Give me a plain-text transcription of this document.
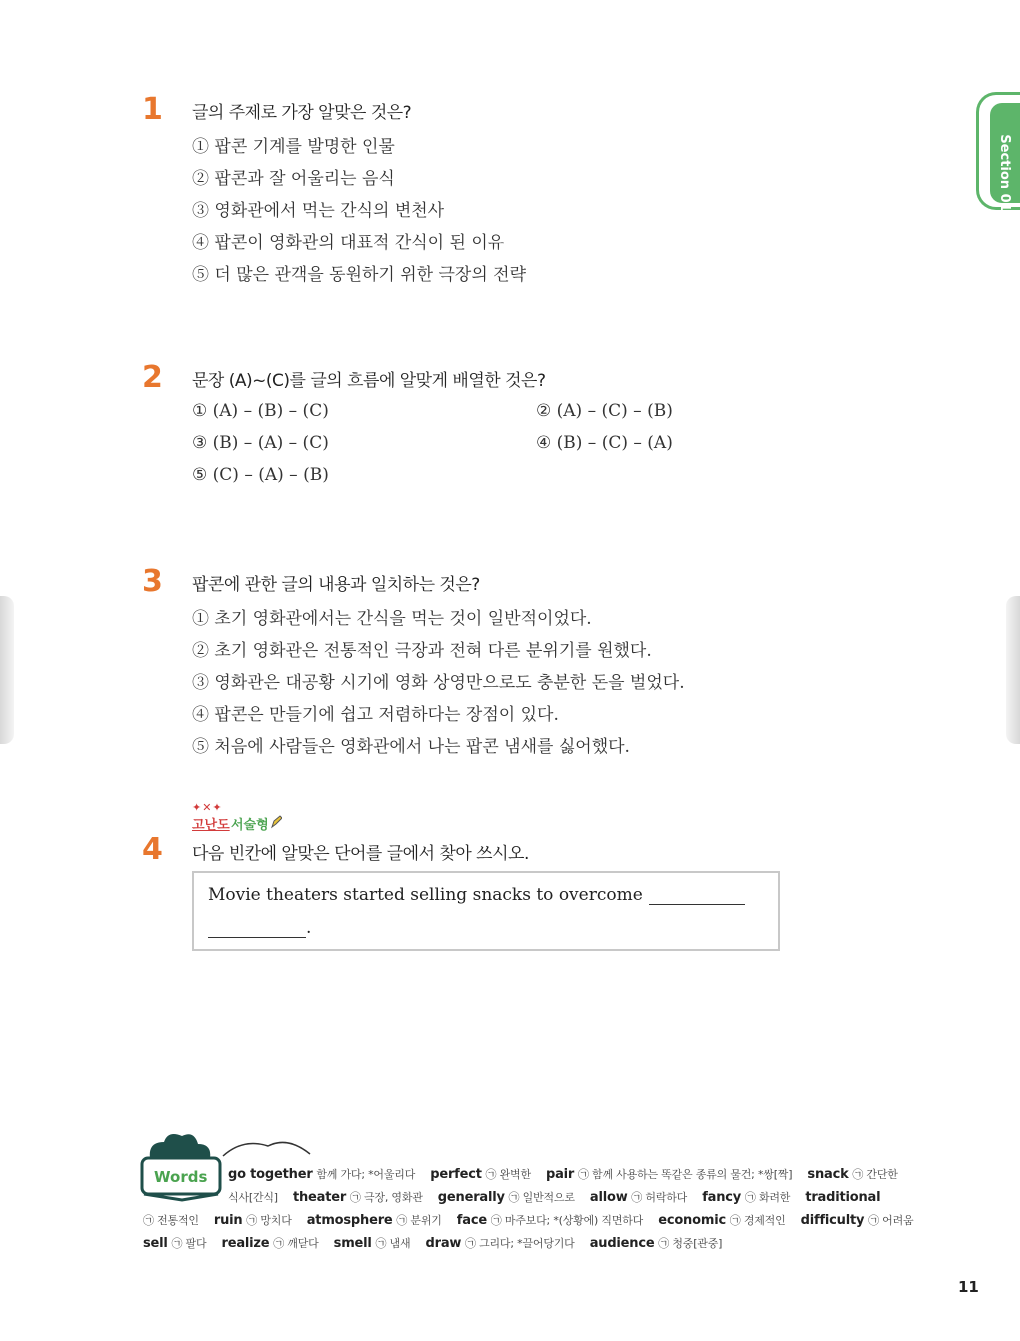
Section 01
1 글의 주제로 가장 알맞은 것은?
① 팝콘 기계를 발명한 인물
② 팝콘과 잘 어울리는 음식
③ 영화관에서 먹는 간식의 변천사
④ 팝콘이 영화관의 대표적 간식이 된 이유
⑤ 더 많은 관객을 동원하기 위한 극장의 전략
2 문장 (A)~(C)를 글의 흐름에 알맞게 배열한 것은?
① (A) – (B) – (C)	② (A) – (C) – (B)
③ (B) – (A) – (C)	④ (B) – (C) – (A)
⑤ (C) – (A) – (B)
3 팝콘에 관한 글의 내용과 일치하는 것은?
① 초기 영화관에서는 간식을 먹는 것이 일반적이었다.
② 초기 영화관은 전통적인 극장과 전혀 다른 분위기를 원했다.
③ 영화관은 대공황 시기에 영화 상영만으로도 충분한 돈을 벌었다.
④ 팝콘은 만들기에 쉽고 저렴하다는 장점이 있다.
⑤ 처음에 사람들은 영화관에서 나는 팝콘 냄새를 싫어했다.
✦✕✦
고난도 서술형
4 다음 빈칸에 알맞은 단어를 글에서 찾아 쓰시오.
Movie theaters started selling snacks to overcome
.
Words go together 함께 가다; *어울리다 perfect ㉠ 완벽한 pair ㉠ 함께 사용하는 똑같은 종류의 물건; *쌍[짝] snack ㉠ 간단한
식사[간식] theater ㉠ 극장, 영화관 generally ㉠ 일반적으로 allow ㉠ 허락하다 fancy ㉠ 화려한 traditional
㉠ 전통적인 ruin ㉠ 망치다 atmosphere ㉠ 분위기 face ㉠ 마주보다; *(상황에) 직면하다 economic ㉠ 경제적인 difficulty ㉠ 어려움
sell ㉠ 팔다 realize ㉠ 깨닫다 smell ㉠ 냄새 draw ㉠ 그리다; *끌어당기다 audience ㉠ 청중[관중]
11
